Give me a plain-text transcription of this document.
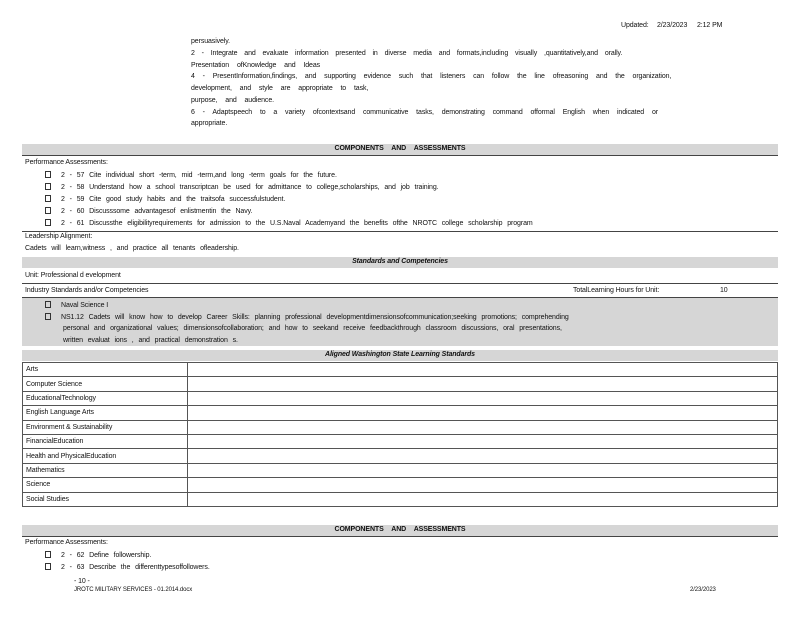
Updated: 2/23/2023 2:12 PM
persuasively.
2 - Integrate and evaluate information presented in diverse media and formats,including visually ,quantitatively,and orally.
Presentation ofKnowledge and Ideas
4 - PresentInformation,findings, and supporting evidence such that listeners can follow the line ofreasoning and the organization,
development, and style are appropriate to task,
purpose, and audience.
6 - Adaptspeech to a variety ofcontextsand communicative tasks, demonstrating command offormal English when indicated or
appropriate.
COMPONENTS AND ASSESSMENTS
Performance Assessments:
2 - 57 Cite individual short -term, mid -term,and long -term goals for the future.
2 - 58 Understand how a school transcriptcan be used for admittance to college,scholarships, and job training.
2 - 59 Cite good study habits and the traitsofa successfulstudent.
2 - 60 Discusssome advantagesof enlistmentin the Navy.
2 - 61 Discussthe eligibilityrequirements for admission to the U.S.Naval Academyand the benefits ofthe NROTC college scholarship program
Leadership Alignment:
Cadets will learn,witness , and practice all tenants ofleadership.
Standards and Competencies
Unit: Professional d evelopment
Industry Standards and/or Competencies	TotalLearning Hours for Unit:	10
Naval Science I
NS1.12 Cadets will know how to develop Career Skills: planning professional developmentdimensionsofcommunication;seeking promotions; comprehending
personal and organizational values; dimensionsofcollaboration; and how to seekand receive feedbackthrough classroom discussions, oral presentations,
written evaluat ions , and practical demonstration s.
Aligned Washington State Learning Standards
Arts	
Computer Science	
EducationalTechnology	
English Language Arts	
Environment & Sustainability	
FinancialEducation	
Health and PhysicalEducation	
Mathematics	
Science	
Social Studies	
COMPONENTS AND ASSESSMENTS
Performance Assessments:
2 - 62 Define followership.
2 - 63 Describe the differenttypesoffollowers.
- 10 -
JROTC MILITARY SERVICES - 01.2014.docx	2/23/2023
